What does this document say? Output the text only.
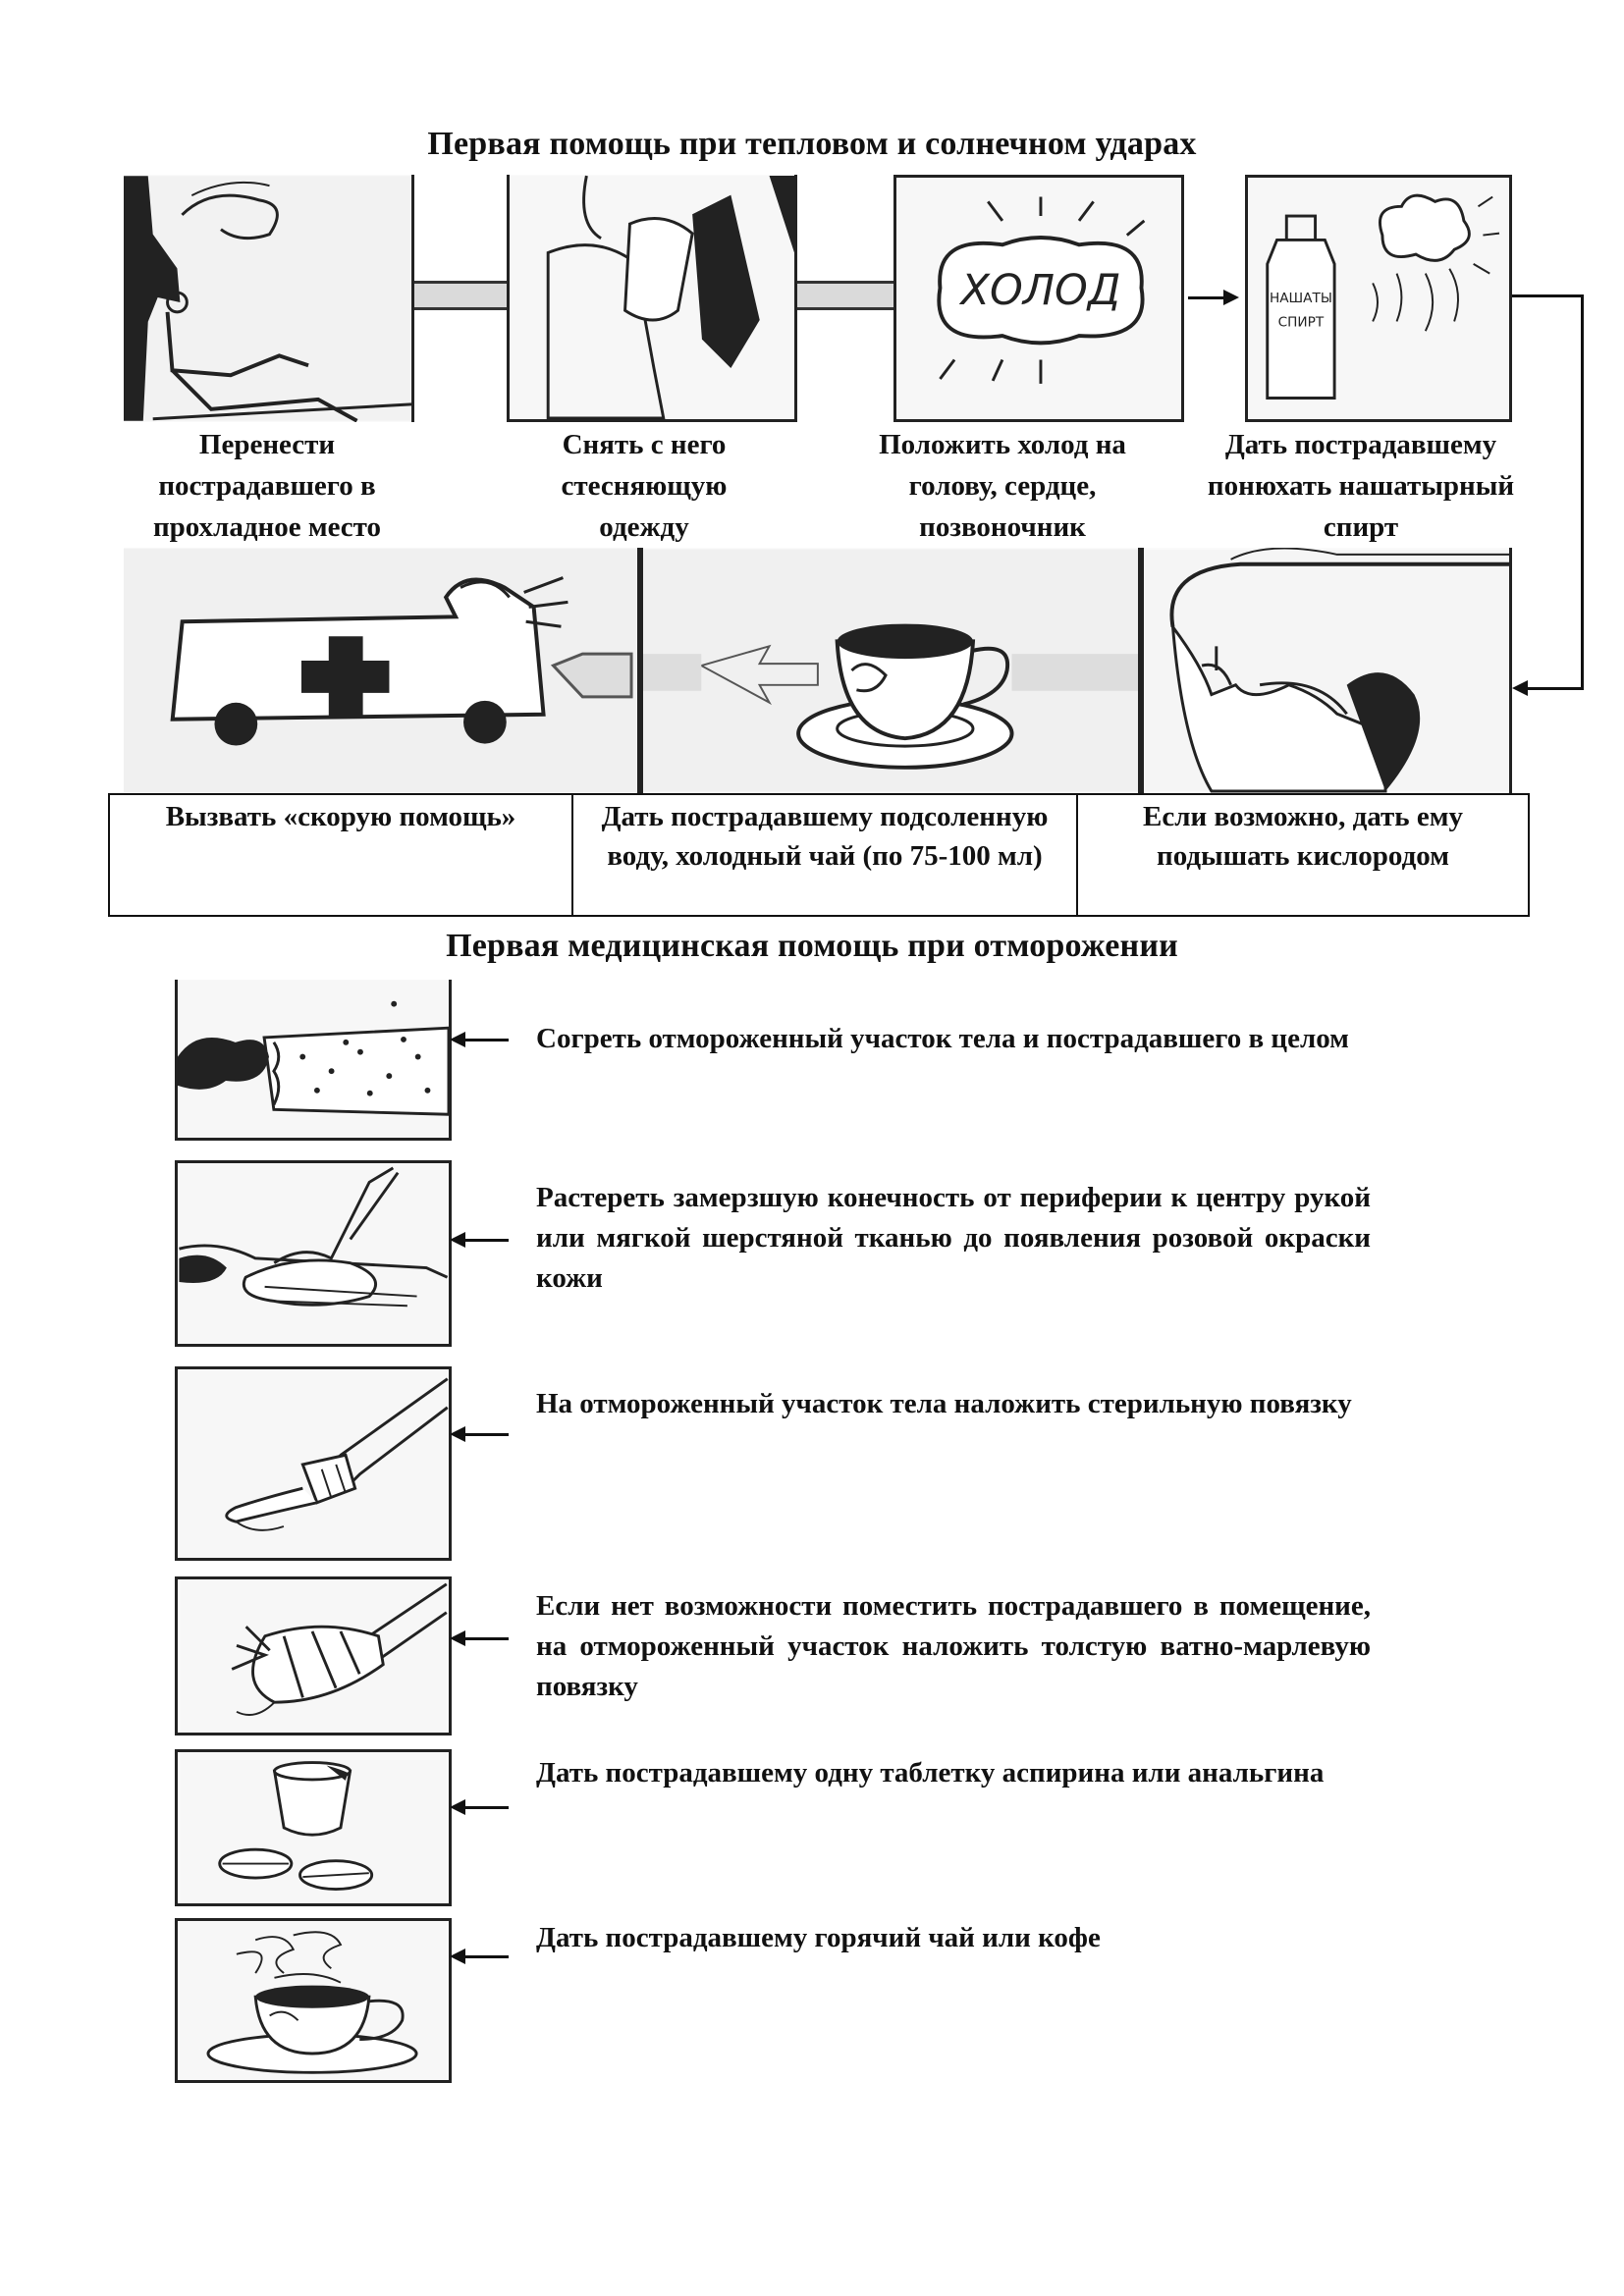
Первая помощь при тепловом и солнечном ударах
ХОЛОД	НАШАТЫ
СПИРТ
Перенести пострадавшего в прохладное место
Снять с него стесняющую одежду
Положить холод на голову, сердце, позвоночник
Дать пострадавшему понюхать нашатырный спирт
Вызвать «скорую помощь»	Дать пострадавшему подсоленную воду, холодный чай (по 75-100 мл)	Если возможно, дать ему подышать кислородом
Первая медицинская помощь при отморожении
Согреть отмороженный участок тела и пострадавшего в целом
Растереть замерзшую конечность от периферии к центру рукой или мягкой шерстяной тканью до появления розовой окраски кожи
На отмороженный участок тела наложить стерильную повязку
Если нет возможности поместить пострадавшего в помещение, на отмороженный участок наложить толстую ватно-марлевую повязку
Дать пострадавшему одну таблетку аспирина или анальгина
Дать пострадавшему горячий чай или кофе
